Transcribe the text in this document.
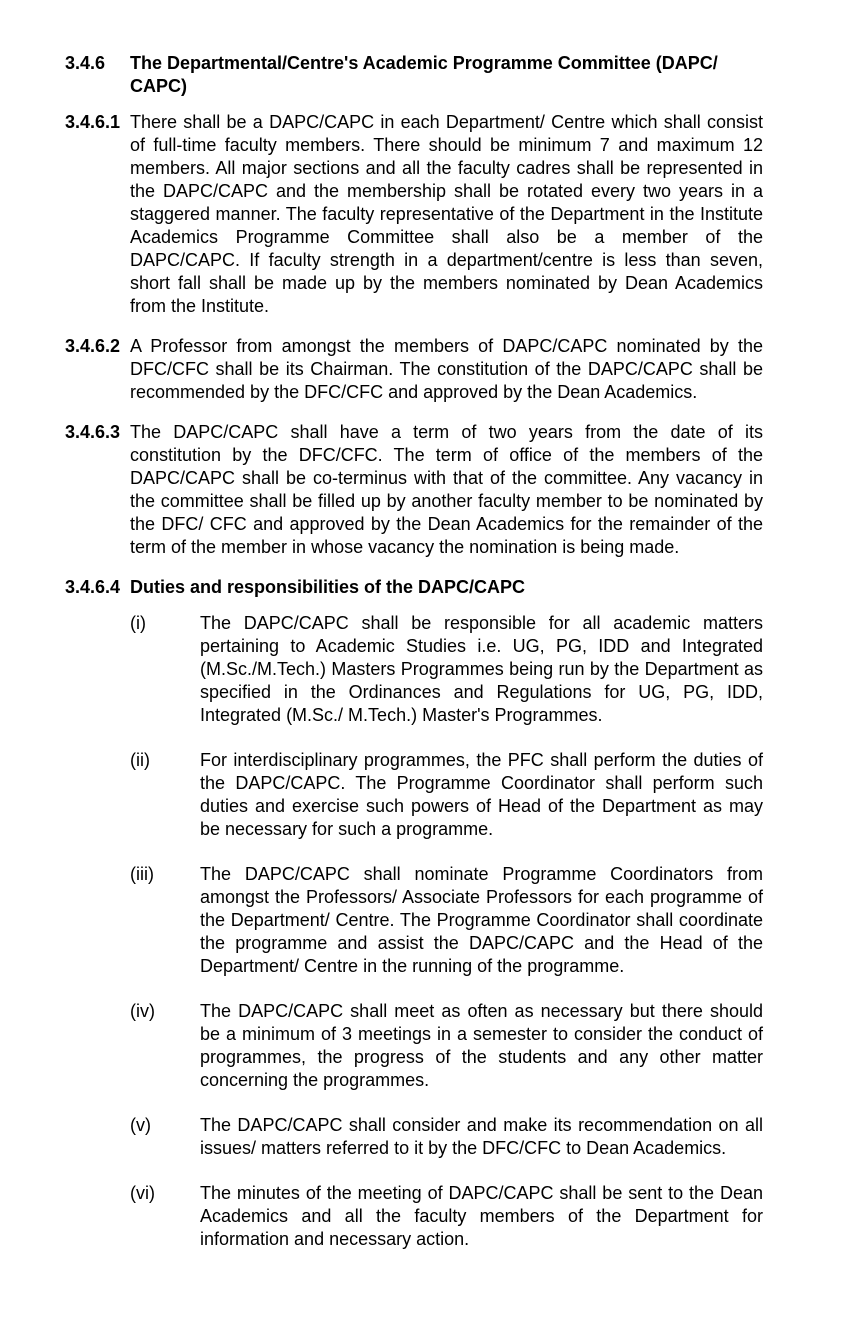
3.4.6	The Departmental/Centre's Academic Programme Committee (DAPC/ CAPC)
3.4.6.1 There shall be a DAPC/CAPC in each Department/ Centre which shall consist of full-time faculty members. There should be minimum 7 and maximum 12 members. All major sections and all the faculty cadres shall be represented in the DAPC/CAPC and the membership shall be rotated every two years in a staggered manner. The faculty representative of the Department in the Institute Academics Programme Committee shall also be a member of the DAPC/CAPC. If faculty strength in a department/centre is less than seven, short fall shall be made up by the members nominated by Dean Academics from the Institute.
3.4.6.2 A Professor from amongst the members of DAPC/CAPC nominated by the DFC/CFC shall be its Chairman. The constitution of the DAPC/CAPC shall be recommended by the DFC/CFC and approved by the Dean Academics.
3.4.6.3 The DAPC/CAPC shall have a term of two years from the date of its constitution by the DFC/CFC. The term of office of the members of the DAPC/CAPC shall be co-terminus with that of the committee. Any vacancy in the committee shall be filled up by another faculty member to be nominated by the DFC/ CFC and approved by the Dean Academics for the remainder of the term of the member in whose vacancy the nomination is being made.
3.4.6.4 Duties and responsibilities of the DAPC/CAPC
(i)	The DAPC/CAPC shall be responsible for all academic matters pertaining to Academic Studies i.e. UG, PG, IDD and Integrated (M.Sc./M.Tech.) Masters Programmes being run by the Department as specified in the Ordinances and Regulations for UG, PG, IDD, Integrated (M.Sc./ M.Tech.) Master's Programmes.
(ii)	For interdisciplinary programmes, the PFC shall perform the duties of the DAPC/CAPC. The Programme Coordinator shall perform such duties and exercise such powers of Head of the Department as may be necessary for such a programme.
(iii)	The DAPC/CAPC shall nominate Programme Coordinators from amongst the Professors/ Associate Professors for each programme of the Department/ Centre. The Programme Coordinator shall coordinate the programme and assist the DAPC/CAPC and the Head of the Department/ Centre in the running of the programme.
(iv)	The DAPC/CAPC shall meet as often as necessary but there should be a minimum of 3 meetings in a semester to consider the conduct of programmes, the progress of the students and any other matter concerning the programmes.
(v)	The DAPC/CAPC shall consider and make its recommendation on all issues/ matters referred to it by the DFC/CFC to Dean Academics.
(vi)	The minutes of the meeting of DAPC/CAPC shall be sent to the Dean Academics and all the faculty members of the Department for information and necessary action.
